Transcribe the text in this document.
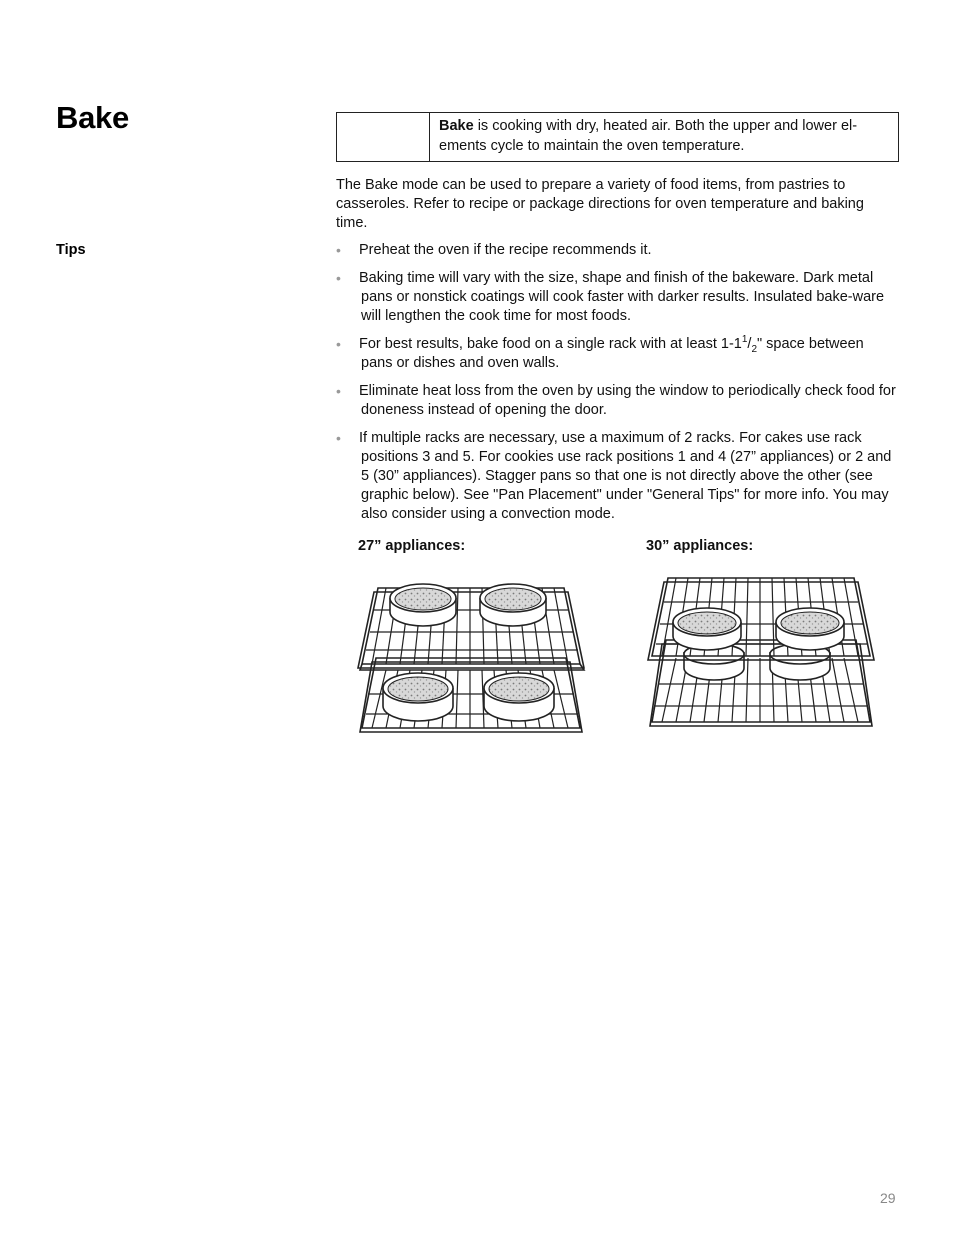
Bake	Bake is cooking with dry, heated air. Both the upper and lower el-ements cycle to maintain the oven temperature.
The Bake mode can be used to prepare a variety of food items, from pastries to casseroles. Refer to recipe or package directions for oven temperature and baking time.
Tips	• Preheat the oven if the recipe recommends it.
• Baking time will vary with the size, shape and finish of the bakeware. Dark metal pans or nonstick coatings will cook faster with darker results. Insulated bake-ware will lengthen the cook time for most foods.
• For best results, bake food on a single rack with at least $1-1^1/_2$" space between pans or dishes and oven walls.
• Eliminate heat loss from the oven by using the window to periodically check food for doneness instead of opening the door.
• If multiple racks are necessary, use a maximum of 2 racks. For cakes use rack positions 3 and 5. For cookies use rack positions 1 and 4 (27” appliances) or 2 and 5 (30” appliances). Stagger pans so that one is not directly above the other (see graphic below). See "Pan Placement" under "General Tips" for more info. You may also consider using a convection mode.
27” appliances:	30” appliances:
29
